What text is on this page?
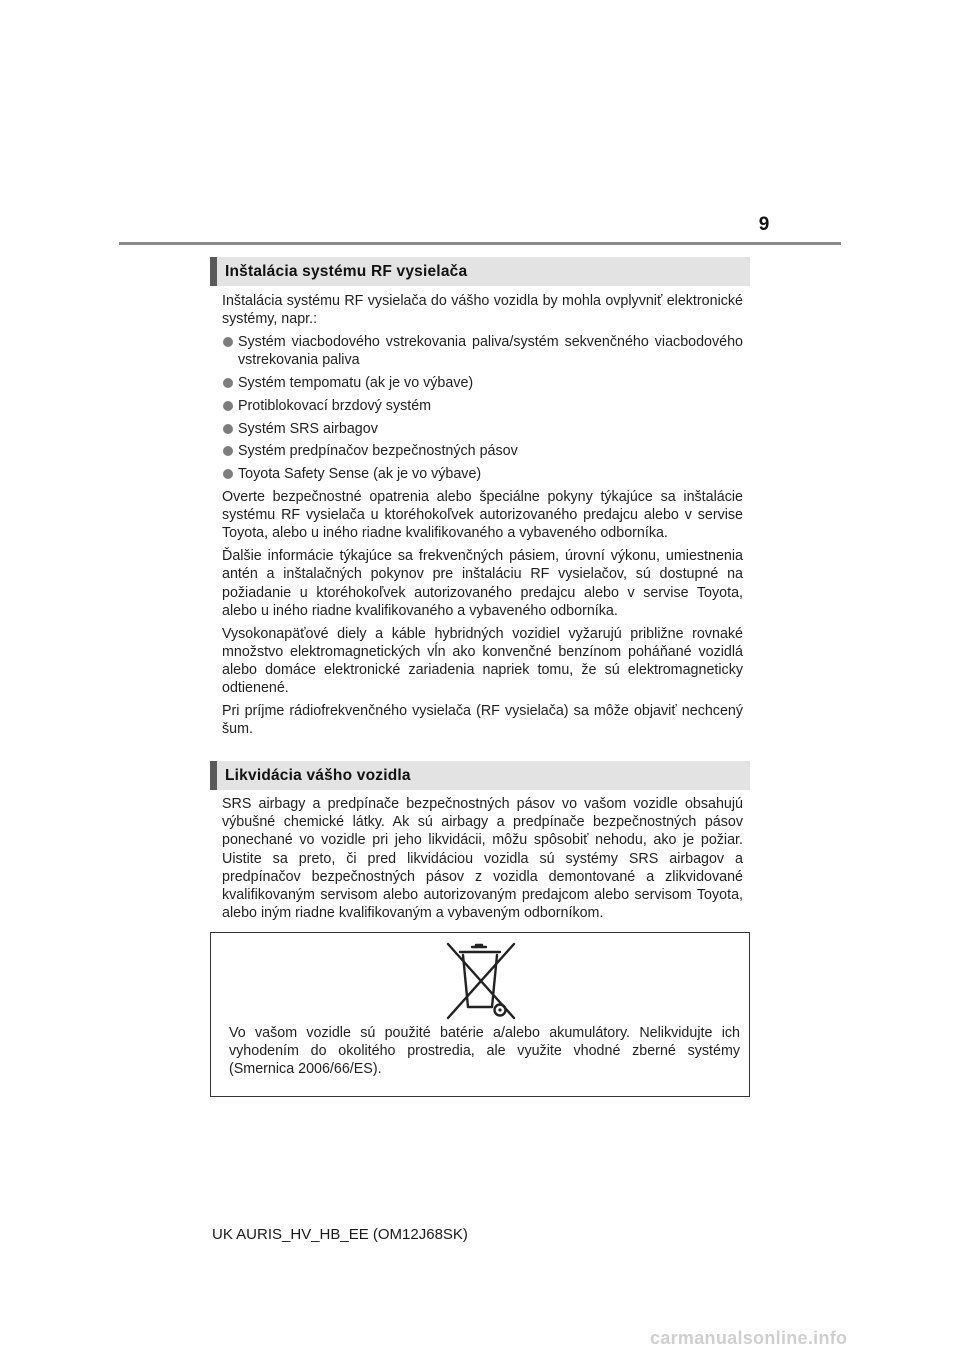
9
Inštalácia systému RF vysielača

Inštalácia systému RF vysielača do vášho vozidla by mohla ovplyvniť elektronické systémy, napr.:

Systém viacbodového vstrekovania paliva/systém sekvenčného viacbodového vstrekovania paliva
Systém tempomatu (ak je vo výbave)
Protiblokovací brzdový systém
Systém SRS airbagov
Systém predpínačov bezpečnostných pásov
Toyota Safety Sense (ak je vo výbave)

Overte bezpečnostné opatrenia alebo špeciálne pokyny týkajúce sa inštalácie systému RF vysielača u ktoréhokoľvek autorizovaného predajcu alebo v servise Toyota, alebo u iného riadne kvalifikovaného a vybaveného odborníka.

Ďalšie informácie týkajúce sa frekvenčných pásiem, úrovní výkonu, umiestnenia antén a inštalačných pokynov pre inštaláciu RF vysielačov, sú dostupné na požiadanie u ktoréhokoľvek autorizovaného predajcu alebo v servise Toyota, alebo u iného riadne kvalifikovaného a vybaveného odborníka.

Vysokonapäťové diely a káble hybridných vozidiel vyžarujú približne rovnaké množstvo elektromagnetických vĺn ako konvenčné benzínom poháňané vozidlá alebo domáce elektronické zariadenia napriek tomu, že sú elektromagneticky odtienené.

Pri príjme rádiofrekvenčného vysielača (RF vysielača) sa môže objaviť nechcený šum.

Likvidácia vášho vozidla

SRS airbagy a predpínače bezpečnostných pásov vo vašom vozidle obsahujú výbušné chemické látky. Ak sú airbagy a predpínače bezpečnostných pásov ponechané vo vozidle pri jeho likvidácii, môžu spôsobiť nehodu, ako je požiar. Uistite sa preto, či pred likvidáciou vozidla sú systémy SRS airbagov a predpínačov bezpečnostných pásov z vozidla demontované a zlikvidované kvalifikovaným servisom alebo autorizovaným predajcom alebo servisom Toyota, alebo iným riadne kvalifikovaným a vybaveným odborníkom.

Vo vašom vozidle sú použité batérie a/alebo akumulátory. Nelikvidujte ich vyhodením do okolitého prostredia, ale využite vhodné zberné systémy (Smernica 2006/66/ES).
UK AURIS_HV_HB_EE (OM12J68SK)
carmanualsonline.info
